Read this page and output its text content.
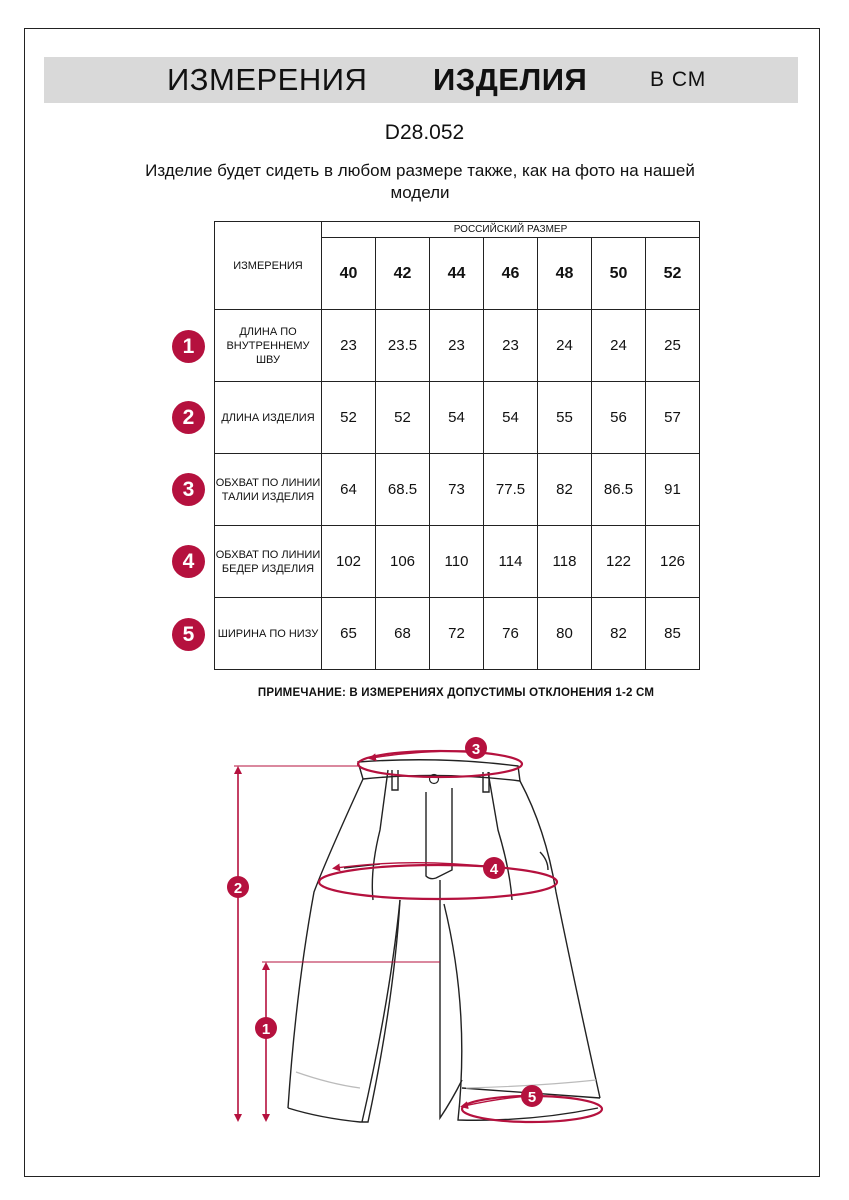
ИЗМЕРЕНИЯ ИЗДЕЛИЯ	В СМ
D28.052
Изделие будет сидеть в любом размере также, как на фото на нашей модели
ИЗМЕРЕНИЯ	РОССИЙСКИЙ РАЗМЕР						
	40	42	44	46	48	50	52
ДЛИНА ПО ВНУТРЕННЕМУ ШВУ	23	23.5	23	23	24	24	25
ДЛИНА ИЗДЕЛИЯ	52	52	54	54	55	56	57
ОБХВАТ ПО ЛИНИИ ТАЛИИ ИЗДЕЛИЯ	64	68.5	73	77.5	82	86.5	91
ОБХВАТ ПО ЛИНИИ БЕДЕР ИЗДЕЛИЯ	102	106	110	114	118	122	126
ШИРИНА ПО НИЗУ	65	68	72	76	80	82	85
1
2
3
4
5
ПРИМЕЧАНИЕ: В ИЗМЕРЕНИЯХ ДОПУСТИМЫ ОТКЛОНЕНИЯ 1-2 СМ
1
2
3
4
5
